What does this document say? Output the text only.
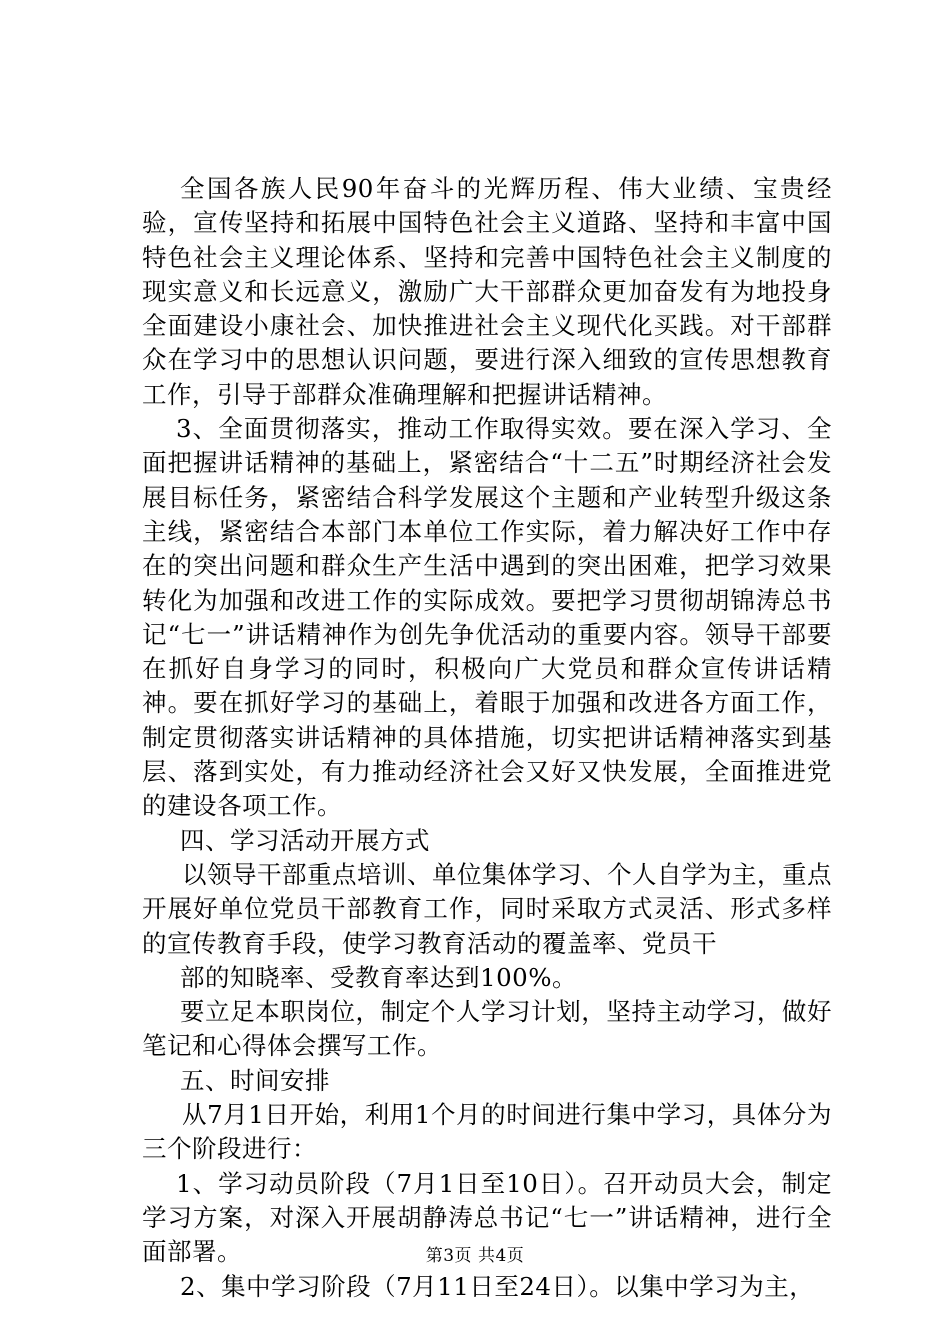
全国各族人民90年奋斗的光辉历程、伟大业绩、宝贵经验，宣传坚持和拓展中国特色社会主义道路、坚持和丰富中国特色社会主义理论体系、坚持和完善中国特色社会主义制度的现实意义和长远意义，激励广大干部群众更加奋发有为地投身全面建设小康社会、加快推进社会主义现代化买践。对干部群众在学习中的思想认识问题，要进行深入细致的宣传思想教育工作，引导于部群众准确理解和把握讲话精神。

3、全面贯彻落实，推动工作取得实效。要在深入学习、全面把握讲话精神的基础上，紧密结合“十二五”时期经济社会发展目标任务，紧密结合科学发展这个主题和产业转型升级这条主线，紧密结合本部门本单位工作实际，着力解决好工作中存在的突出问题和群众生产生活中遇到的突出困难，把学习效果转化为加强和改进工作的实际成效。要把学习贯彻胡锦涛总书记“七一”讲话精神作为创先争优活动的重要内容。领导干部要在抓好自身学习的同时，积极向广大党员和群众宣传讲话精神。要在抓好学习的基础上，着眼于加强和改进各方面工作，制定贯彻落实讲话精神的具体措施，切实把讲话精神落实到基层、落到实处，有力推动经济社会又好又快发展，全面推进党的建设各项工作。

四、学习活动开展方式

以领导干部重点培训、单位集体学习、个人自学为主，重点开展好单位党员干部教育工作，同时采取方式灵活、形式多样的宣传教育手段，使学习教育活动的覆盖率、党员干

部的知晓率、受教育率达到100%。

要立足本职岗位，制定个人学习计划，坚持主动学习，做好笔记和心得体会撰写工作。

五、时间安排

从7月1日开始，利用1个月的时间进行集中学习，具体分为三个阶段进行：

1、学习动员阶段（7月1日至10日）。召开动员大会，制定学习方案，对深入开展胡静涛总书记“七一”讲话精神，进行全面部署。

2、集中学习阶段（7月11日至24日）。以集中学习为主，

第3页 共4页
